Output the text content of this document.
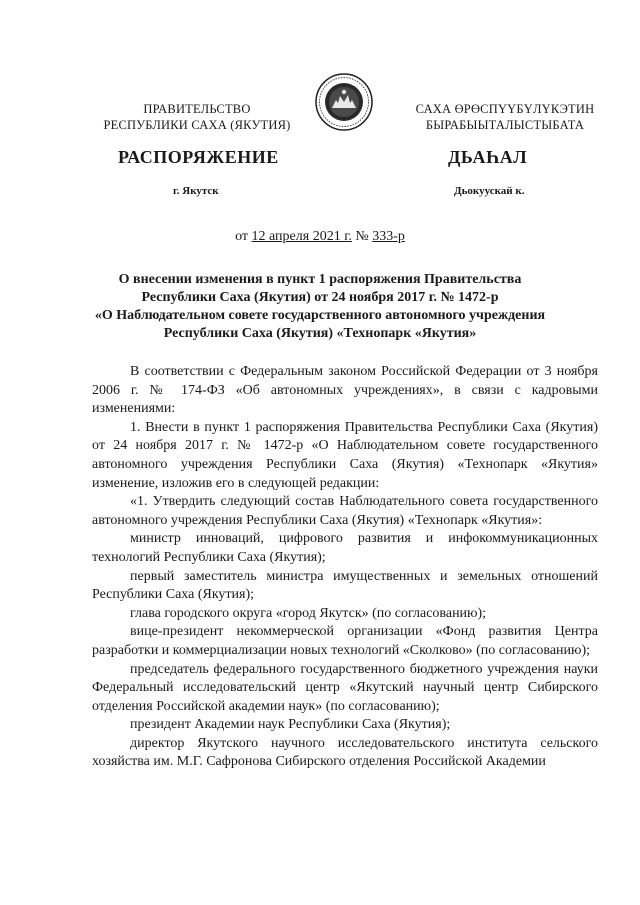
ПРАВИТЕЛЬСТВО
РЕСПУБЛИКИ САХА (ЯКУТИЯ)
САХА ӨРӨСПҮҮБҮЛҮКЭТИН
БЫРАБЫЫТАЛЫСТЫБАТА
РАСПОРЯЖЕНИЕ	ДЬАҺАЛ
г. Якутск	Дьокуускай к.
от 12 апреля 2021 г. № 333-р
О внесении изменения в пункт 1 распоряжения Правительства
Республики Саха (Якутия) от 24 ноября 2017 г. № 1472-р
«О Наблюдательном совете государственного автономного учреждения
Республики Саха (Якутия) «Технопарк «Якутия»

В соответствии с Федеральным законом Российской Федерации от 3 ноября 2006 г. № 174-ФЗ «Об автономных учреждениях», в связи с кадровыми изменениями:

1. Внести в пункт 1 распоряжения Правительства Республики Саха (Якутия) от 24 ноября 2017 г. № 1472-р «О Наблюдательном совете государственного автономного учреждения Республики Саха (Якутия) «Технопарк «Якутия» изменение, изложив его в следующей редакции:

«1. Утвердить следующий состав Наблюдательного совета государственного автономного учреждения Республики Саха (Якутия) «Технопарк «Якутия»:

министр инноваций, цифрового развития и инфокоммуникационных технологий Республики Саха (Якутия);

первый заместитель министра имущественных и земельных отношений Республики Саха (Якутия);

глава городского округа «город Якутск» (по согласованию);

вице-президент некоммерческой организации «Фонд развития Центра разработки и коммерциализации новых технологий «Сколково» (по согласованию);

председатель федерального государственного бюджетного учреждения науки Федеральный исследовательский центр «Якутский научный центр Сибирского отделения Российской академии наук» (по согласованию);

президент Академии наук Республики Саха (Якутия);

директор Якутского научного исследовательского института сельского хозяйства им. М.Г. Сафронова Сибирского отделения Российской Академии
